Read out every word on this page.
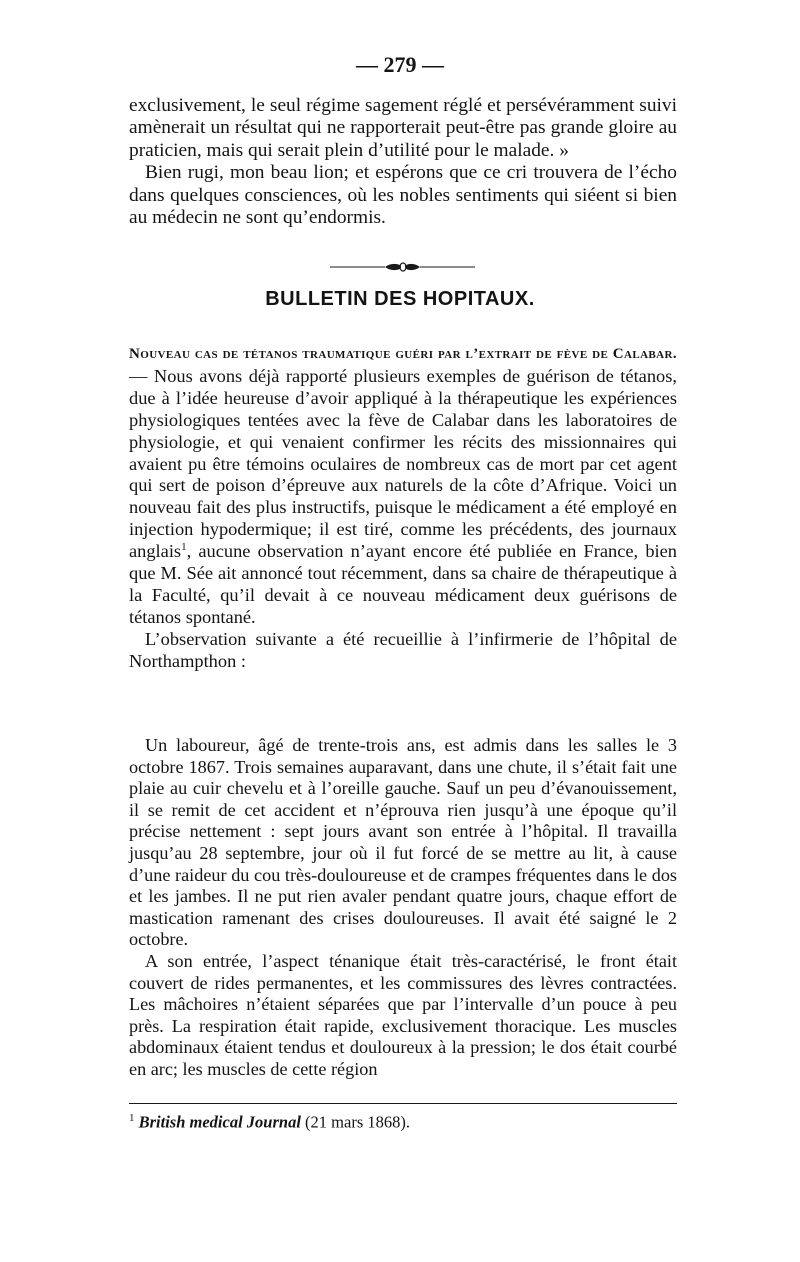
— 279 —

exclusivement, le seul régime sagement réglé et persévéramment suivi amènerait un résultat qui ne rapporterait peut-être pas grande gloire au praticien, mais qui serait plein d’utilité pour le malade. »

Bien rugi, mon beau lion; et espérons que ce cri trouvera de l’écho dans quelques consciences, où les nobles sentiments qui siéent si bien au médecin ne sont qu’endormis.

BULLETIN DES HOPITAUX.

Nouveau cas de tétanos traumatique guéri par l’extrait de fève de Calabar. — Nous avons déjà rapporté plusieurs exemples de guérison de tétanos, due à l’idée heureuse d’avoir appliqué à la thérapeutique les expériences physiologiques tentées avec la fève de Calabar dans les laboratoires de physiologie, et qui venaient confirmer les récits des missionnaires qui avaient pu être témoins oculaires de nombreux cas de mort par cet agent qui sert de poison d’épreuve aux naturels de la côte d’Afrique. Voici un nouveau fait des plus instructifs, puisque le médicament a été employé en injection hypodermique; il est tiré, comme les précédents, des journaux anglais$^1$, aucune observation n’ayant encore été publiée en France, bien que M. Sée ait annoncé tout récemment, dans sa chaire de thérapeutique à la Faculté, qu’il devait à ce nouveau médicament deux guérisons de tétanos spontané.

L’observation suivante a été recueillie à l’infirmerie de l’hôpital de Northampthon :

Un laboureur, âgé de trente-trois ans, est admis dans les salles le 3 octobre 1867. Trois semaines auparavant, dans une chute, il s’était fait une plaie au cuir chevelu et à l’oreille gauche. Sauf un peu d’évanouissement, il se remit de cet accident et n’éprouva rien jusqu’à une époque qu’il précise nettement : sept jours avant son entrée à l’hôpital. Il travailla jusqu’au 28 septembre, jour où il fut forcé de se mettre au lit, à cause d’une raideur du cou très-douloureuse et de crampes fréquentes dans le dos et les jambes. Il ne put rien avaler pendant quatre jours, chaque effort de mastication ramenant des crises douloureuses. Il avait été saigné le 2 octobre.

A son entrée, l’aspect ténanique était très-caractérisé, le front était couvert de rides permanentes, et les commissures des lèvres contractées. Les mâchoires n’étaient séparées que par l’intervalle d’un pouce à peu près. La respiration était rapide, exclusivement thoracique. Les muscles abdominaux étaient tendus et douloureux à la pression; le dos était courbé en arc; les muscles de cette région

$^1$ British medical Journal (21 mars 1868).
